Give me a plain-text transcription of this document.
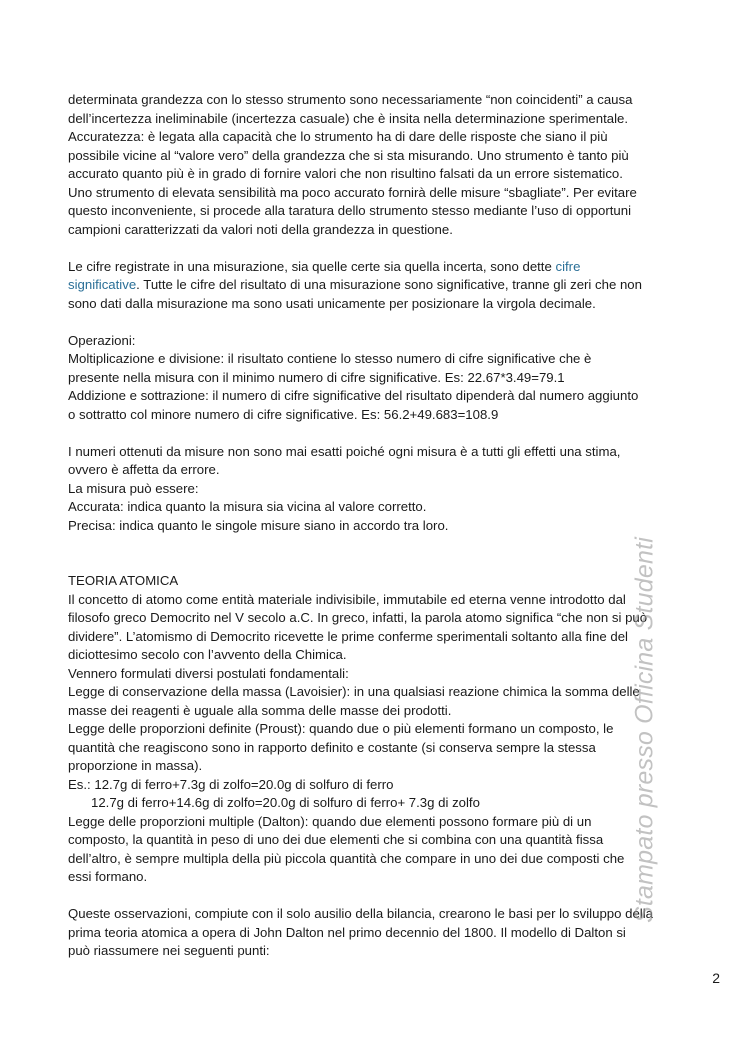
determinata grandezza con lo stesso strumento sono necessariamente “non coincidenti” a causa
dell’incertezza ineliminabile (incertezza casuale) che è insita nella determinazione sperimentale.
Accuratezza: è legata alla capacità che lo strumento ha di dare delle risposte che siano il più
possibile vicine al “valore vero” della grandezza che si sta misurando. Uno strumento è tanto più
accurato quanto più è in grado di fornire valori che non risultino falsati da un errore sistematico.
Uno strumento di elevata sensibilità ma poco accurato fornirà delle misure “sbagliate”. Per evitare
questo inconveniente, si procede alla taratura dello strumento stesso mediante l’uso di opportuni
campioni caratterizzati da valori noti della grandezza in questione.
Le cifre registrate in una misurazione, sia quelle certe sia quella incerta, sono dette cifre
significative. Tutte le cifre del risultato di una misurazione sono significative, tranne gli zeri che non
sono dati dalla misurazione ma sono usati unicamente per posizionare la virgola decimale.
Operazioni:
Moltiplicazione e divisione: il risultato contiene lo stesso numero di cifre significative che è
presente nella misura con il minimo numero di cifre significative. Es: 22.67*3.49=79.1
Addizione e sottrazione: il numero di cifre significative del risultato dipenderà dal numero aggiunto
o sottratto col minore numero di cifre significative. Es: 56.2+49.683=108.9
I numeri ottenuti da misure non sono mai esatti poiché ogni misura è a tutti gli effetti una stima,
ovvero è affetta da errore.
La misura può essere:
Accurata: indica quanto la misura sia vicina al valore corretto.
Precisa: indica quanto le singole misure siano in accordo tra loro.
TEORIA ATOMICA
Il concetto di atomo come entità materiale indivisibile, immutabile ed eterna venne introdotto dal
filosofo greco Democrito nel V secolo a.C. In greco, infatti, la parola atomo significa “che non si può
dividere”. L’atomismo di Democrito ricevette le prime conferme sperimentali soltanto alla fine del
diciottesimo secolo con l’avvento della Chimica.
Vennero formulati diversi postulati fondamentali:
Legge di conservazione della massa (Lavoisier): in una qualsiasi reazione chimica la somma delle
masse dei reagenti è uguale alla somma delle masse dei prodotti.
Legge delle proporzioni definite (Proust): quando due o più elementi formano un composto, le
quantità che reagiscono sono in rapporto definito e costante (si conserva sempre la stessa
proporzione in massa).
Es.: 12.7g di ferro+7.3g di zolfo=20.0g di solfuro di ferro
12.7g di ferro+14.6g di zolfo=20.0g di solfuro di ferro+ 7.3g di zolfo
Legge delle proporzioni multiple (Dalton): quando due elementi possono formare più di un
composto, la quantità in peso di uno dei due elementi che si combina con una quantità fissa
dell’altro, è sempre multipla della più piccola quantità che compare in uno dei due composti che
essi formano.
Queste osservazioni, compiute con il solo ausilio della bilancia, crearono le basi per lo sviluppo della
prima teoria atomica a opera di John Dalton nel primo decennio del 1800. Il modello di Dalton si
può riassumere nei seguenti punti:
Stampato presso Officina Studenti
2
